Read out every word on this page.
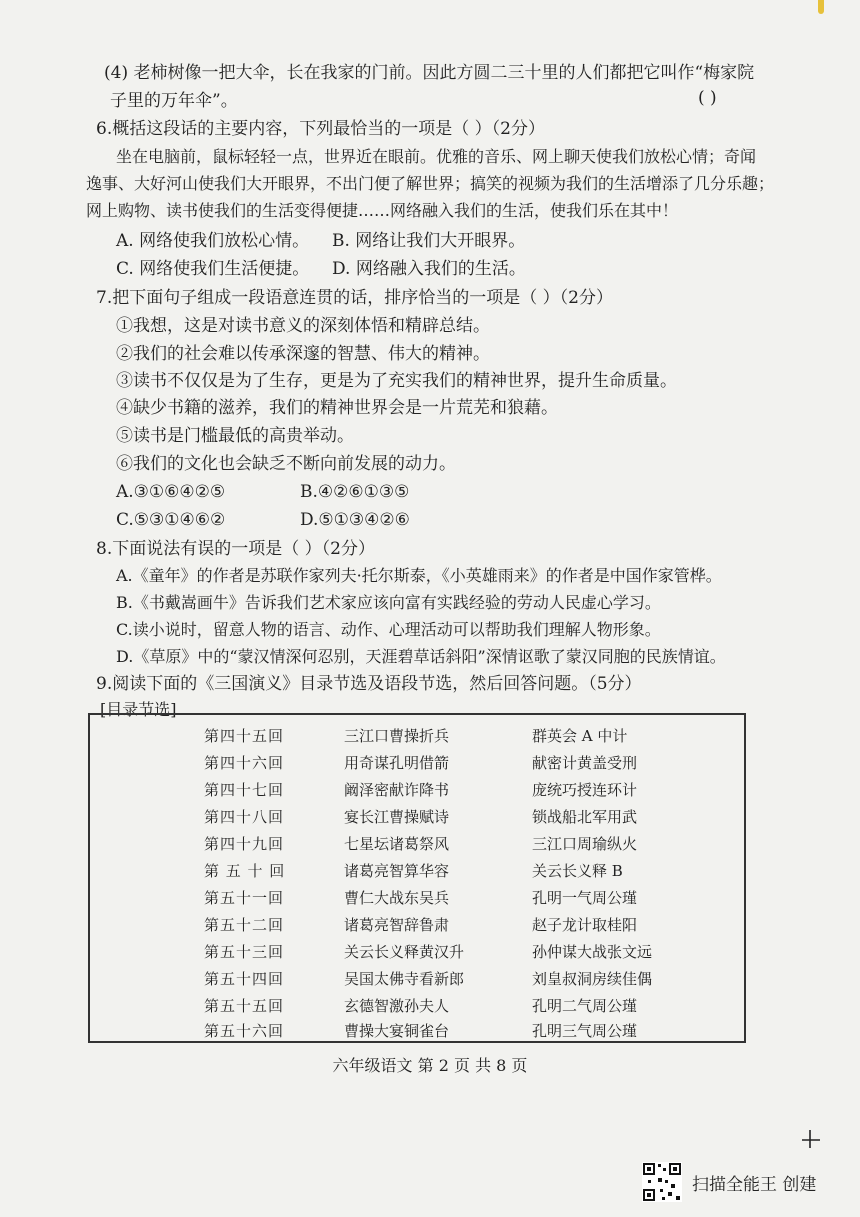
(4) 老柿树像一把大伞，长在我家的门前。因此方圆二三十里的人们都把它叫作“梅家院
子里的万年伞”。	( )
6.概括这段话的主要内容，下列最恰当的一项是（ ）（2分）
坐在电脑前，鼠标轻轻一点，世界近在眼前。优雅的音乐、网上聊天使我们放松心情；奇闻
逸事、大好河山使我们大开眼界，不出门便了解世界；搞笑的视频为我们的生活增添了几分乐趣；
网上购物、读书使我们的生活变得便捷……网络融入我们的生活，使我们乐在其中！
A. 网络使我们放松心情。 B. 网络让我们大开眼界。
C. 网络使我们生活便捷。 D. 网络融入我们的生活。
7.把下面句子组成一段语意连贯的话，排序恰当的一项是（ ）（2分）
①我想，这是对读书意义的深刻体悟和精辟总结。
②我们的社会难以传承深邃的智慧、伟大的精神。
③读书不仅仅是为了生存，更是为了充实我们的精神世界，提升生命质量。
④缺少书籍的滋养，我们的精神世界会是一片荒芜和狼藉。
⑤读书是门槛最低的高贵举动。
⑥我们的文化也会缺乏不断向前发展的动力。
A.③①⑥④②⑤	B.④②⑥①③⑤
C.⑤③①④⑥②	D.⑤①③④②⑥
8.下面说法有误的一项是（ ）（2分）
A.《童年》的作者是苏联作家列夫·托尔斯泰，《小英雄雨来》的作者是中国作家管桦。
B.《书戴嵩画牛》告诉我们艺术家应该向富有实践经验的劳动人民虚心学习。
C.读小说时，留意人物的语言、动作、心理活动可以帮助我们理解人物形象。
D.《草原》中的“蒙汉情深何忍别，天涯碧草话斜阳”深情讴歌了蒙汉同胞的民族情谊。
9.阅读下面的《三国演义》目录节选及语段节选，然后回答问题。（5分）
[目录节选]
第四十五回	三江口曹操折兵	群英会 A 中计
第四十六回	用奇谋孔明借箭	献密计黄盖受刑
第四十七回	阚泽密献诈降书	庞统巧授连环计
第四十八回	宴长江曹操赋诗	锁战船北军用武
第四十九回	七星坛诸葛祭风	三江口周瑜纵火
第 五 十 回	诸葛亮智算华容	关云长义释 B
第五十一回	曹仁大战东吴兵	孔明一气周公瑾
第五十二回	诸葛亮智辞鲁肃	赵子龙计取桂阳
第五十三回	关云长义释黄汉升	孙仲谋大战张文远
第五十四回	吴国太佛寺看新郎	刘皇叔洞房续佳偶
第五十五回	玄德智激孙夫人	孔明二气周公瑾
第五十六回	曹操大宴铜雀台	孔明三气周公瑾
六年级语文 第 2 页 共 8 页
扫描全能王 创建
